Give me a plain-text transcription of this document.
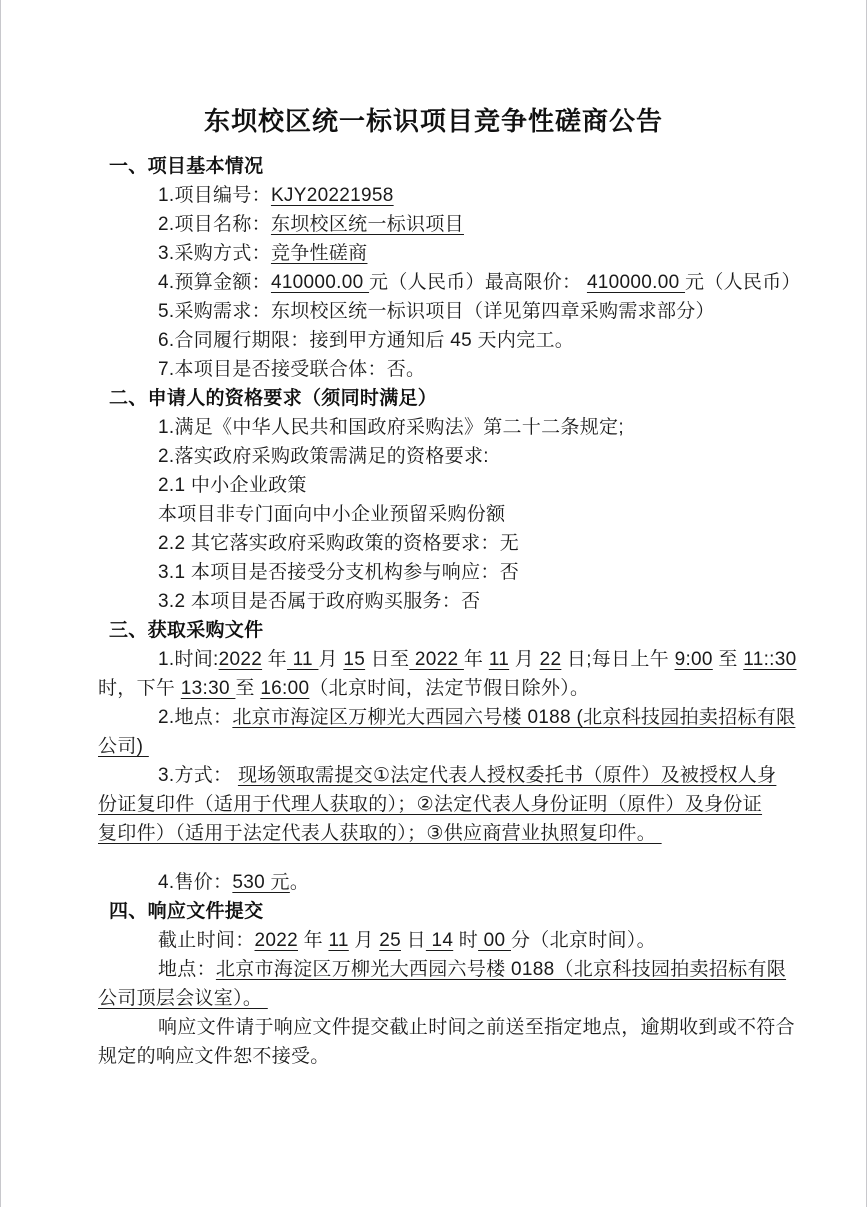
东坝校区统一标识项目竞争性磋商公告
一、项目基本情况
1.项目编号：KJY20221958
2.项目名称：东坝校区统一标识项目
3.采购方式：竞争性磋商
4.预算金额：410000.00 元（人民币）最高限价： 410000.00 元（人民币）
5.采购需求：东坝校区统一标识项目（详见第四章采购需求部分）
6.合同履行期限：接到甲方通知后 45 天内完工。
7.本项目是否接受联合体：否。
二、申请人的资格要求（须同时满足）
1.满足《中华人民共和国政府采购法》第二十二条规定;
2.落实政府采购政策需满足的资格要求:
2.1 中小企业政策
本项目非专门面向中小企业预留采购份额
2.2 其它落实政府采购政策的资格要求：无
3.1 本项目是否接受分支机构参与响应：否
3.2 本项目是否属于政府购买服务：否
三、获取采购文件
1.时间:2022 年 11 月 15 日至 2022 年 11 月 22 日;每日上午 9:00 至 11::30
时，下午 13:30 至 16:00（北京时间，法定节假日除外）。
2.地点：北京市海淀区万柳光大西园六号楼 0188 (北京科技园拍卖招标有限
公司)
3.方式： 现场领取需提交①法定代表人授权委托书（原件）及被授权人身
份证复印件（适用于代理人获取的）；②法定代表人身份证明（原件）及身份证
复印件）（适用于法定代表人获取的）；③供应商营业执照复印件。
4.售价：530 元。
四、响应文件提交
截止时间：2022 年 11 月 25 日 14 时 00 分（北京时间）。
地点：北京市海淀区万柳光大西园六号楼 0188（北京科技园拍卖招标有限
公司顶层会议室）。
响应文件请于响应文件提交截止时间之前送至指定地点，逾期收到或不符合
规定的响应文件恕不接受。
